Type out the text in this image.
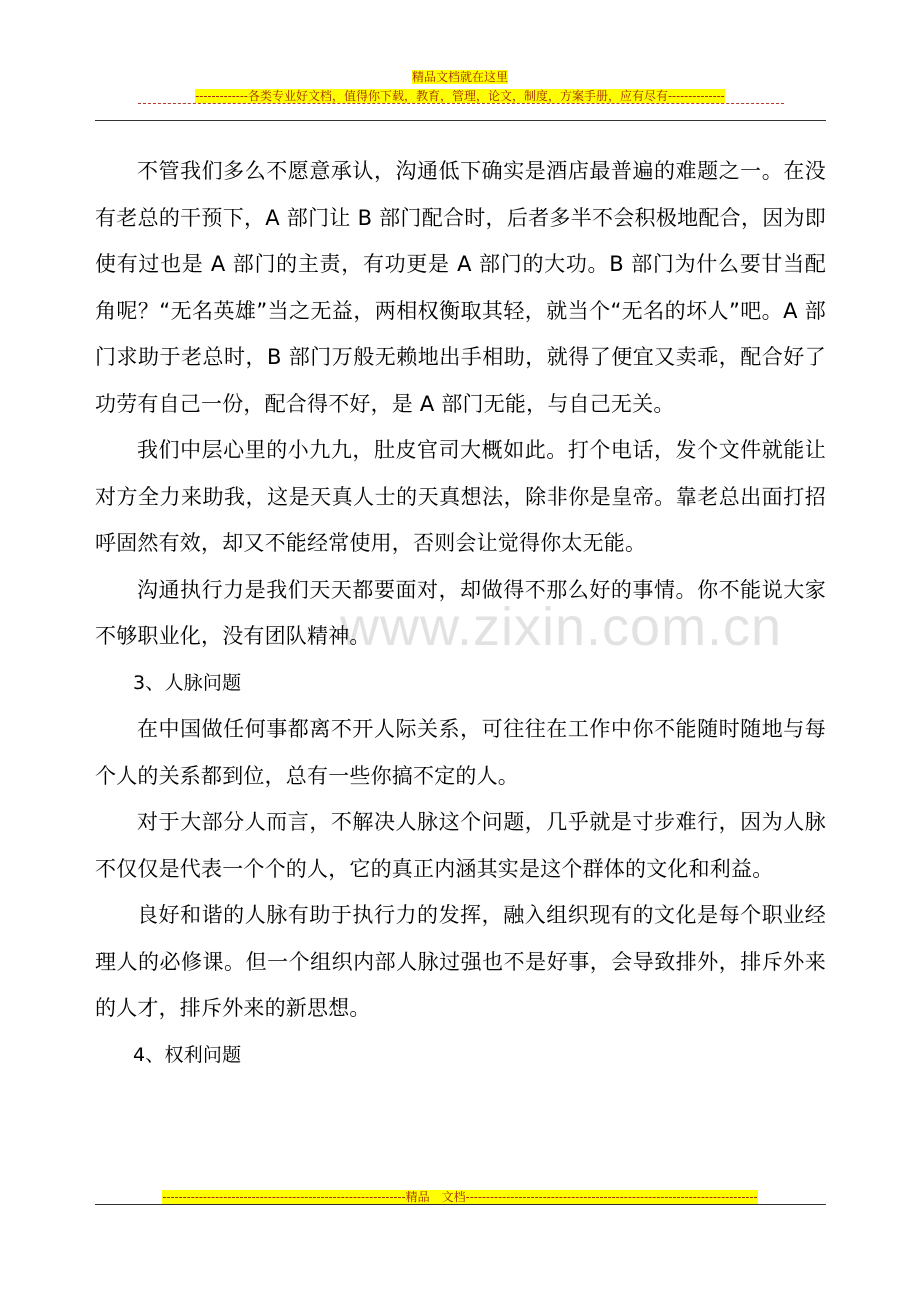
精品文档就在这里
-------------各类专业好文档，值得你下载，教育，管理，论文，制度，方案手册，应有尽有--------------
www.zixin.com.cn

不管我们多么不愿意承认，沟通低下确实是酒店最普遍的难题之一。在没有老总的干预下，A 部门让 B 部门配合时，后者多半不会积极地配合，因为即使有过也是 A 部门的主责，有功更是 A 部门的大功。B 部门为什么要甘当配角呢？“无名英雄”当之无益，两相权衡取其轻，就当个“无名的坏人”吧。A 部门求助于老总时，B 部门万般无赖地出手相助，就得了便宜又卖乖，配合好了功劳有自己一份，配合得不好，是 A 部门无能，与自己无关。

我们中层心里的小九九，肚皮官司大概如此。打个电话，发个文件就能让对方全力来助我，这是天真人士的天真想法，除非你是皇帝。靠老总出面打招呼固然有效，却又不能经常使用，否则会让觉得你太无能。

沟通执行力是我们天天都要面对，却做得不那么好的事情。你不能说大家不够职业化，没有团队精神。

3、人脉问题

在中国做任何事都离不开人际关系，可往往在工作中你不能随时随地与每个人的关系都到位，总有一些你搞不定的人。

对于大部分人而言，不解决人脉这个问题，几乎就是寸步难行，因为人脉不仅仅是代表一个个的人，它的真正内涵其实是这个群体的文化和利益。

良好和谐的人脉有助于执行力的发挥，融入组织现有的文化是每个职业经理人的必修课。但一个组织内部人脉过强也不是好事，会导致排外，排斥外来的人才，排斥外来的新思想。

4、权利问题

------------------------------------------------------------精品　文档------------------------------------------------------------------------
